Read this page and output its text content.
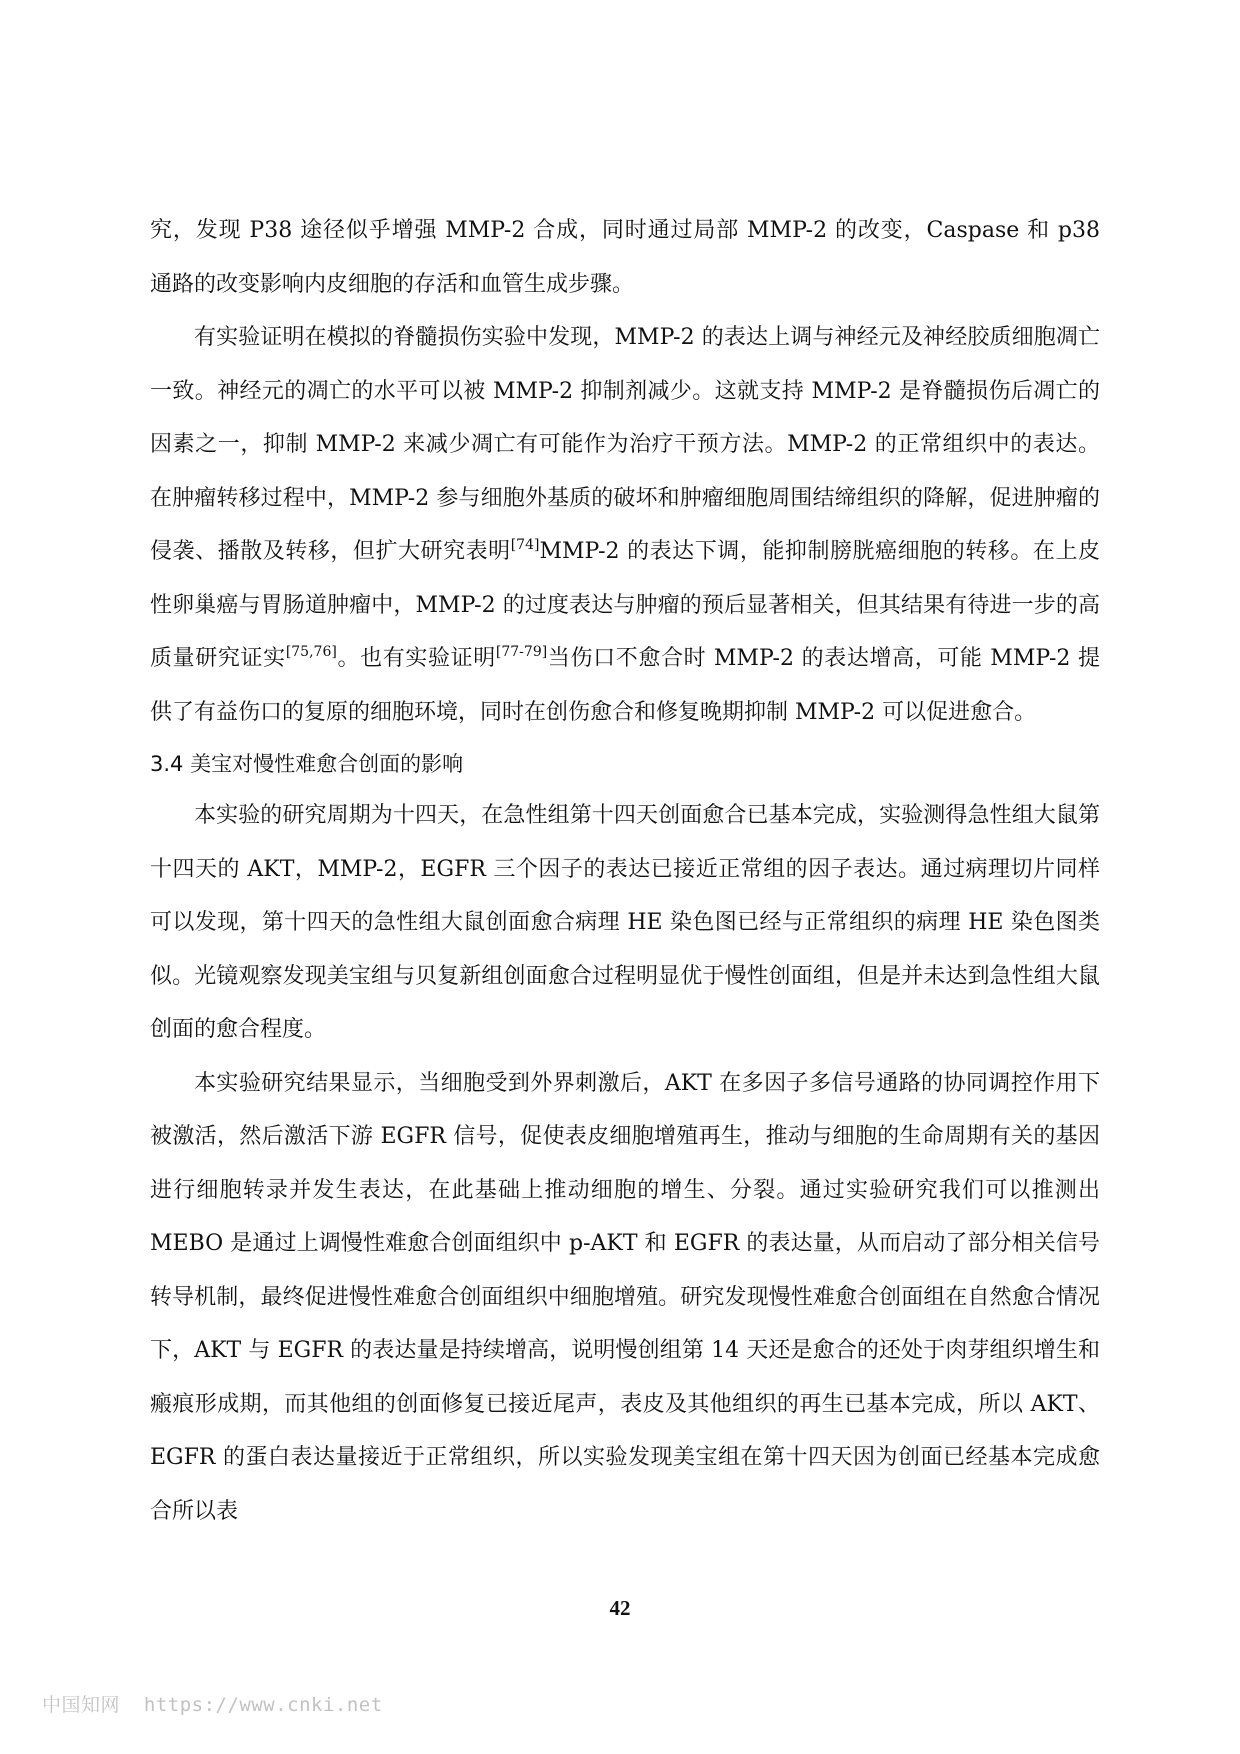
究，发现 P38 途径似乎增强 MMP-2 合成，同时通过局部 MMP-2 的改变，Caspase 和 p38 通路的改变影响内皮细胞的存活和血管生成步骤。

有实验证明在模拟的脊髓损伤实验中发现，MMP-2 的表达上调与神经元及神经胶质细胞凋亡一致。神经元的凋亡的水平可以被 MMP-2 抑制剂减少。这就支持 MMP-2 是脊髓损伤后凋亡的因素之一，抑制 MMP-2 来减少凋亡有可能作为治疗干预方法。MMP-2 的正常组织中的表达。在肿瘤转移过程中，MMP-2 参与细胞外基质的破坏和肿瘤细胞周围结缔组织的降解，促进肿瘤的侵袭、播散及转移，但扩大研究表明[74]MMP-2 的表达下调，能抑制膀胱癌细胞的转移。在上皮性卵巢癌与胃肠道肿瘤中，MMP-2 的过度表达与肿瘤的预后显著相关，但其结果有待进一步的高质量研究证实[75,76]。也有实验证明[77-79]当伤口不愈合时 MMP-2 的表达增高，可能 MMP-2 提供了有益伤口的复原的细胞环境，同时在创伤愈合和修复晚期抑制 MMP-2 可以促进愈合。

3.4 美宝对慢性难愈合创面的影响

本实验的研究周期为十四天，在急性组第十四天创面愈合已基本完成，实验测得急性组大鼠第十四天的 AKT，MMP-2，EGFR 三个因子的表达已接近正常组的因子表达。通过病理切片同样可以发现，第十四天的急性组大鼠创面愈合病理 HE 染色图已经与正常组织的病理 HE 染色图类似。光镜观察发现美宝组与贝复新组创面愈合过程明显优于慢性创面组，但是并未达到急性组大鼠创面的愈合程度。

本实验研究结果显示，当细胞受到外界刺激后，AKT 在多因子多信号通路的协同调控作用下被激活，然后激活下游 EGFR 信号，促使表皮细胞增殖再生，推动与细胞的生命周期有关的基因进行细胞转录并发生表达，在此基础上推动细胞的增生、分裂。通过实验研究我们可以推测出 MEBO 是通过上调慢性难愈合创面组织中 p-AKT 和 EGFR 的表达量，从而启动了部分相关信号转导机制，最终促进慢性难愈合创面组织中细胞增殖。研究发现慢性难愈合创面组在自然愈合情况下，AKT 与 EGFR 的表达量是持续增高，说明慢创组第 14 天还是愈合的还处于肉芽组织增生和瘢痕形成期，而其他组的创面修复已接近尾声，表皮及其他组织的再生已基本完成，所以 AKT、EGFR 的蛋白表达量接近于正常组织，所以实验发现美宝组在第十四天因为创面已经基本完成愈合所以表

42
中国知网  https://www.cnki.net
